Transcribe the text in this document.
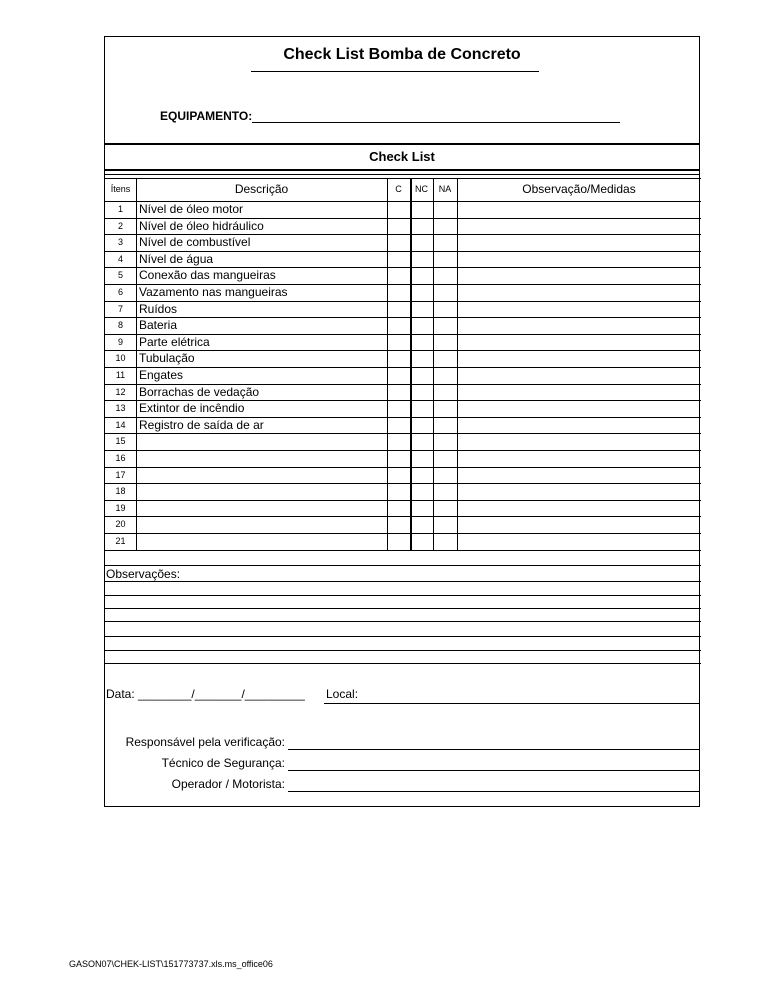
Check List Bomba de Concreto
EQUIPAMENTO:
Check List
Ítens	Descrição	C	NC	NA	Observação/Medidas
1	Nível de óleo motor
2	Nível de óleo hidráulico
3	Nível de combustível
4	Nível de água
5	Conexão das mangueiras
6	Vazamento nas mangueiras
7	Ruídos
8	Bateria
9	Parte elétrica
10	Tubulação
11	Engates
12	Borrachas de vedação
13	Extintor de incêndio
14	Registro de saída de ar
15
16
17
18
19
20
21
Observações:
Data: ________/_______/_________ Local:
Responsável pela verificação:
Técnico de Segurança:
Operador / Motorista:
GASON07\CHEK-LIST\151773737.xls.ms_office06
